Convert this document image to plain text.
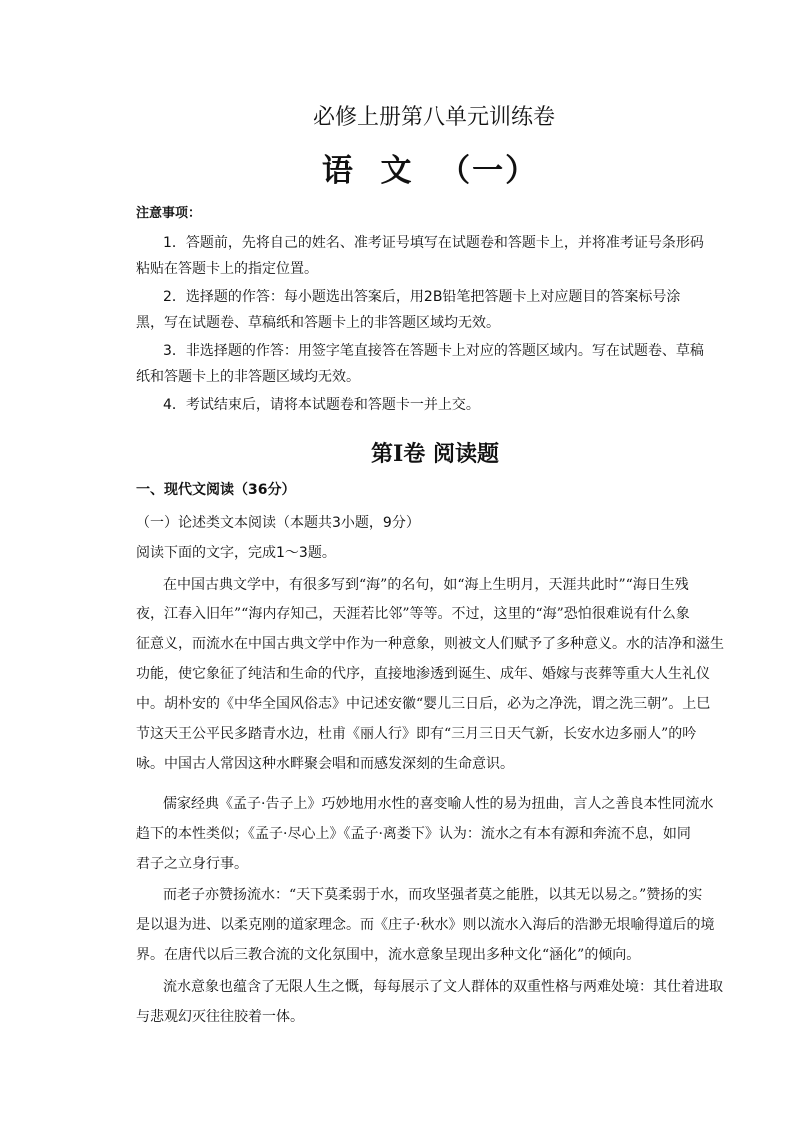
必修上册第八单元训练卷
语  文  （一）
注意事项：
1．答题前，先将自己的姓名、准考证号填写在试题卷和答题卡上，并将准考证号条形码
粘贴在答题卡上的指定位置。
2．选择题的作答：每小题选出答案后，用2B铅笔把答题卡上对应题目的答案标号涂
黑，写在试题卷、草稿纸和答题卡上的非答题区域均无效。
3．非选择题的作答：用签字笔直接答在答题卡上对应的答题区域内。写在试题卷、草稿
纸和答题卡上的非答题区域均无效。
4．考试结束后，请将本试题卷和答题卡一并上交。
第Ⅰ卷 阅读题
一、现代文阅读（36分）
（一）论述类文本阅读（本题共3小题，9分）
阅读下面的文字，完成1～3题。
在中国古典文学中，有很多写到“海”的名句，如“海上生明月，天涯共此时”“海日生残
夜，江春入旧年”“海内存知己，天涯若比邻”等等。不过，这里的“海”恐怕很难说有什么象
征意义，而流水在中国古典文学中作为一种意象，则被文人们赋予了多种意义。水的洁净和滋生
功能，使它象征了纯洁和生命的代序，直接地渗透到诞生、成年、婚嫁与丧葬等重大人生礼仪
中。胡朴安的《中华全国风俗志》中记述安徽“婴儿三日后，必为之净洗，谓之洗三朝”。上巳
节这天王公平民多踏青水边，杜甫《丽人行》即有“三月三日天气新，长安水边多丽人”的吟
咏。中国古人常因这种水畔聚会唱和而感发深刻的生命意识。
儒家经典《孟子·告子上》巧妙地用水性的喜变喻人性的易为扭曲，言人之善良本性同流水
趋下的本性类似；《孟子·尽心上》《孟子·离娄下》认为：流水之有本有源和奔流不息，如同
君子之立身行事。
而老子亦赞扬流水：“天下莫柔弱于水，而攻坚强者莫之能胜，以其无以易之。”赞扬的实
是以退为进、以柔克刚的道家理念。而《庄子·秋水》则以流水入海后的浩渺无垠喻得道后的境
界。在唐代以后三教合流的文化氛围中，流水意象呈现出多种文化“涵化”的倾向。
流水意象也蕴含了无限人生之慨，每每展示了文人群体的双重性格与两难处境：其仕着进取
与悲观幻灭往往胶着一体。
